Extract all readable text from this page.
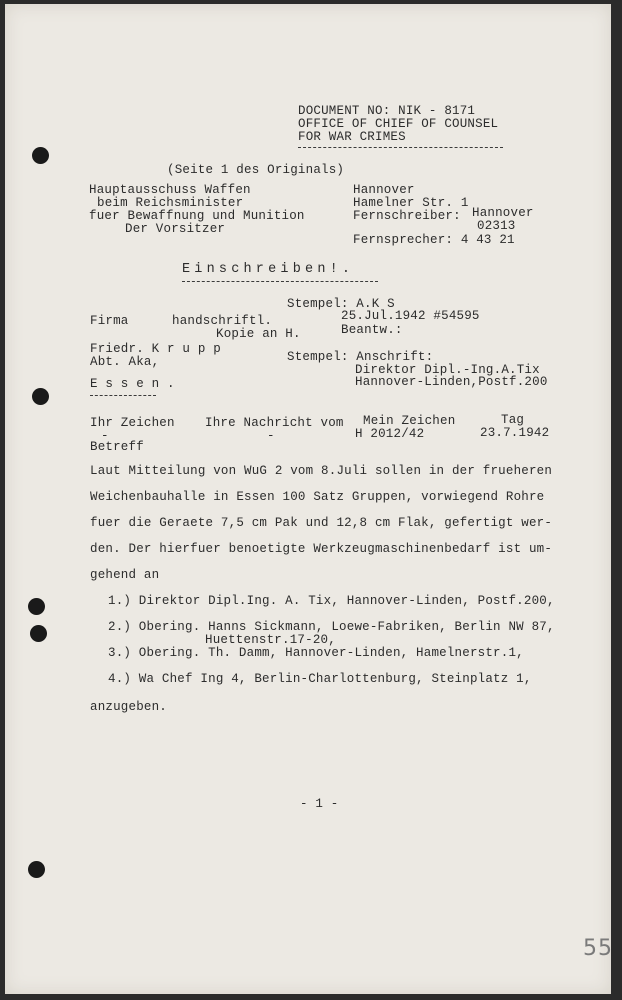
DOCUMENT NO: NIK - 8171
OFFICE OF CHIEF OF COUNSEL
FOR WAR CRIMES
(Seite 1 des Originals)
Hauptausschuss Waffen
beim Reichsminister
fuer Bewaffnung und Munition
Der Vorsitzer
Hannover
Hamelner Str. 1
Fernschreiber: Hannover
02313
Fernsprecher: 4 43 21
Einschreiben!.
Stempel: A.K S
25.Jul.1942 #54595
Beantw.:
Firma	handschriftl.
Kopie an H.
Friedr. K r u p p
Abt. Aka,
E s s e n .
Stempel: Anschrift:
Direktor Dipl.-Ing.A.Tix
Hannover-Linden,Postf.200
Ihr Zeichen Ihre Nachricht vom Mein Zeichen
H 2012/42
Tag
23.7.1942
-	-
Betreff
Laut Mitteilung von WuG 2 vom 8.Juli sollen in der frueheren
Weichenbauhalle in Essen 100 Satz Gruppen, vorwiegend Rohre
fuer die Geraete 7,5 cm Pak und 12,8 cm Flak, gefertigt wer-
den. Der hierfuer benoetigte Werkzeugmaschinenbedarf ist um-
gehend an
1.) Direktor Dipl.Ing. A. Tix, Hannover-Linden, Postf.200,
2.) Obering. Hanns Sickmann, Loewe-Fabriken, Berlin NW 87,
Huettenstr.17-20,
3.) Obering. Th. Damm, Hannover-Linden, Hamelnerstr.1,
4.) Wa Chef Ing 4, Berlin-Charlottenburg, Steinplatz 1,
anzugeben.
- 1 -
55
